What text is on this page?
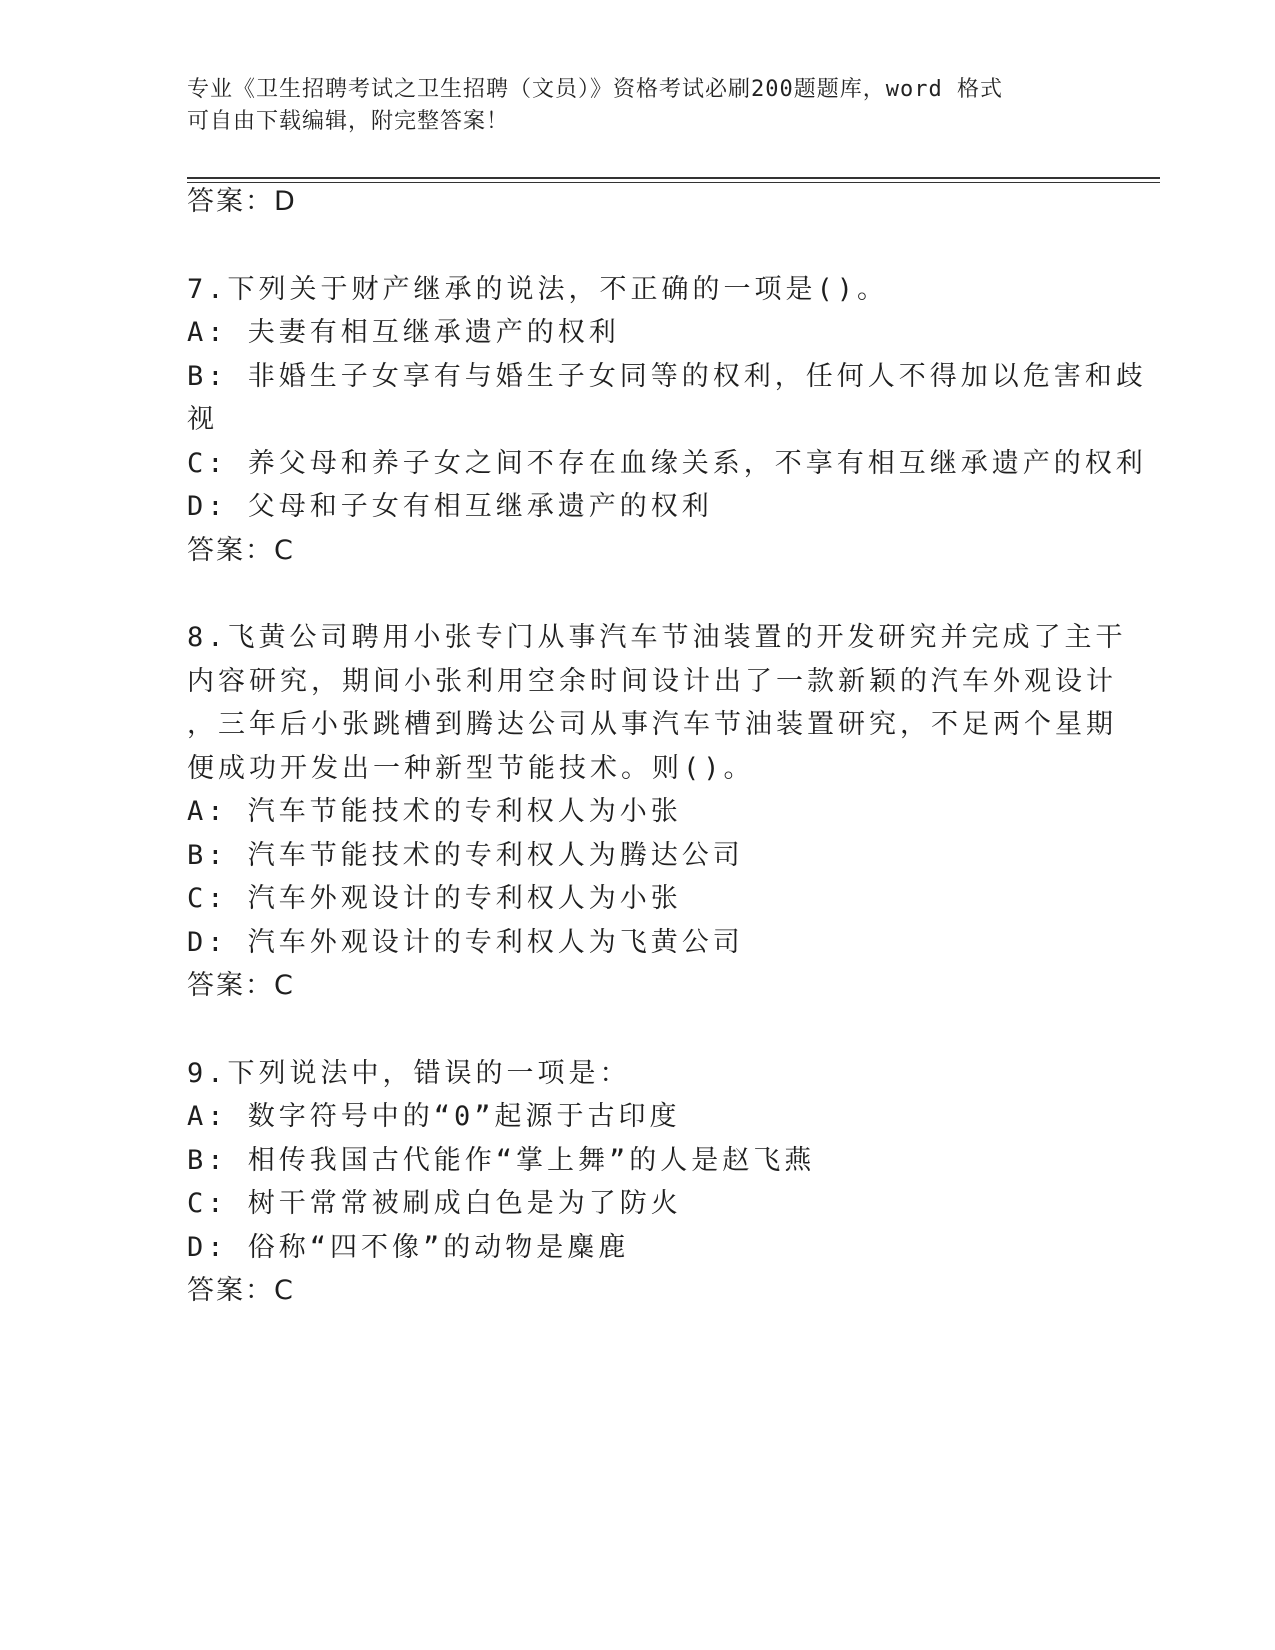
专业《卫生招聘考试之卫生招聘（文员）》资格考试必刷200题题库，word 格式
可自由下载编辑，附完整答案！
答案：D
7.下列关于财产继承的说法，不正确的一项是()。
A: 夫妻有相互继承遗产的权利
B: 非婚生子女享有与婚生子女同等的权利，任何人不得加以危害和歧
视
C: 养父母和养子女之间不存在血缘关系，不享有相互继承遗产的权利
D: 父母和子女有相互继承遗产的权利
答案：C
8.飞黄公司聘用小张专门从事汽车节油装置的开发研究并完成了主干
内容研究，期间小张利用空余时间设计出了一款新颖的汽车外观设计
，三年后小张跳槽到腾达公司从事汽车节油装置研究，不足两个星期
便成功开发出一种新型节能技术。则()。
A: 汽车节能技术的专利权人为小张
B: 汽车节能技术的专利权人为腾达公司
C: 汽车外观设计的专利权人为小张
D: 汽车外观设计的专利权人为飞黄公司
答案：C
9.下列说法中，错误的一项是：
A: 数字符号中的“0”起源于古印度
B: 相传我国古代能作“掌上舞”的人是赵飞燕
C: 树干常常被刷成白色是为了防火
D: 俗称“四不像”的动物是麋鹿
答案：C
